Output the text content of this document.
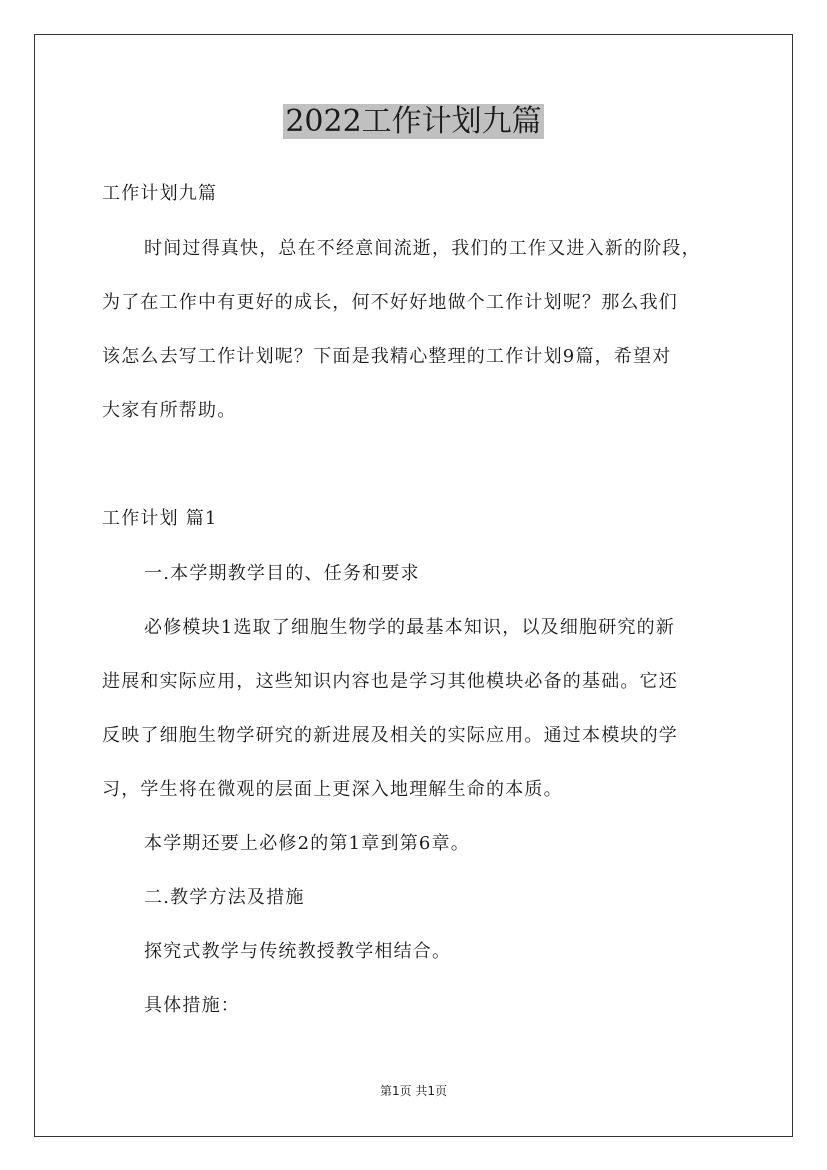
2022工作计划九篇
工作计划九篇
时间过得真快，总在不经意间流逝，我们的工作又进入新的阶段，
为了在工作中有更好的成长，何不好好地做个工作计划呢？那么我们
该怎么去写工作计划呢？下面是我精心整理的工作计划9篇，希望对
大家有所帮助。
工作计划 篇1
一.本学期教学目的、任务和要求
必修模块1选取了细胞生物学的最基本知识，以及细胞研究的新
进展和实际应用，这些知识内容也是学习其他模块必备的基础。它还
反映了细胞生物学研究的新进展及相关的实际应用。通过本模块的学
习，学生将在微观的层面上更深入地理解生命的本质。
本学期还要上必修2的第1章到第6章。
二.教学方法及措施
探究式教学与传统教授教学相结合。
具体措施：
第1页 共1页
